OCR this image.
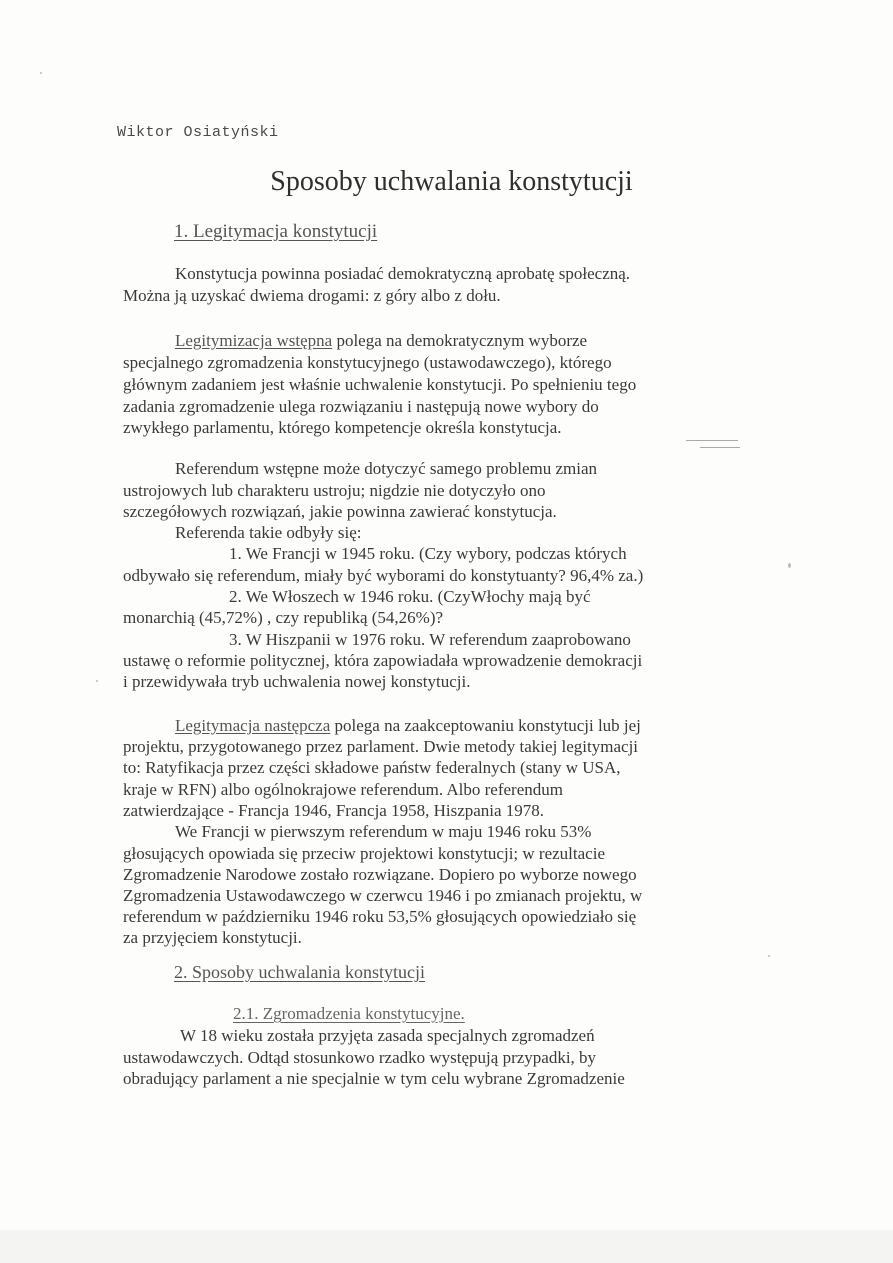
Wiktor Osiatyński
Sposoby uchwalania konstytucji
1. Legitymacja konstytucji
Konstytucja powinna posiadać demokratyczną aprobatę społeczną.
Można ją uzyskać dwiema drogami: z góry albo z dołu.
Legitymizacja wstępna polega na demokratycznym wyborze
specjalnego zgromadzenia konstytucyjnego (ustawodawczego), którego
głównym zadaniem jest właśnie uchwalenie konstytucji. Po spełnieniu tego
zadania zgromadzenie ulega rozwiązaniu i następują nowe wybory do
zwykłego parlamentu, którego kompetencje określa konstytucja.
Referendum wstępne może dotyczyć samego problemu zmian
ustrojowych lub charakteru ustroju; nigdzie nie dotyczyło ono
szczegółowych rozwiązań, jakie powinna zawierać konstytucja.
Referenda takie odbyły się:
1. We Francji w 1945 roku. (Czy wybory, podczas których
odbywało się referendum, miały być wyborami do konstytuanty? 96,4% za.)
2. We Włoszech w 1946 roku. (CzyWłochy mają być
monarchią (45,72%) , czy republiką (54,26%)?
3. W Hiszpanii w 1976 roku. W referendum zaaprobowano
ustawę o reformie politycznej, która zapowiadała wprowadzenie demokracji
i przewidywała tryb uchwalenia nowej konstytucji.
Legitymacja następcza polega na zaakceptowaniu konstytucji lub jej
projektu, przygotowanego przez parlament. Dwie metody takiej legitymacji
to: Ratyfikacja przez części składowe państw federalnych (stany w USA,
kraje w RFN) albo ogólnokrajowe referendum. Albo referendum
zatwierdzające - Francja 1946, Francja 1958, Hiszpania 1978.
We Francji w pierwszym referendum w maju 1946 roku 53%
głosujących opowiada się przeciw projektowi konstytucji; w rezultacie
Zgromadzenie Narodowe zostało rozwiązane. Dopiero po wyborze nowego
Zgromadzenia Ustawodawczego w czerwcu 1946 i po zmianach projektu, w
referendum w październiku 1946 roku 53,5% głosujących opowiedziało się
za przyjęciem konstytucji.
2. Sposoby uchwalania konstytucji
2.1. Zgromadzenia konstytucyjne.
W 18 wieku została przyjęta zasada specjalnych zgromadzeń
ustawodawczych. Odtąd stosunkowo rzadko występują przypadki, by
obradujący parlament a nie specjalnie w tym celu wybrane Zgromadzenie
